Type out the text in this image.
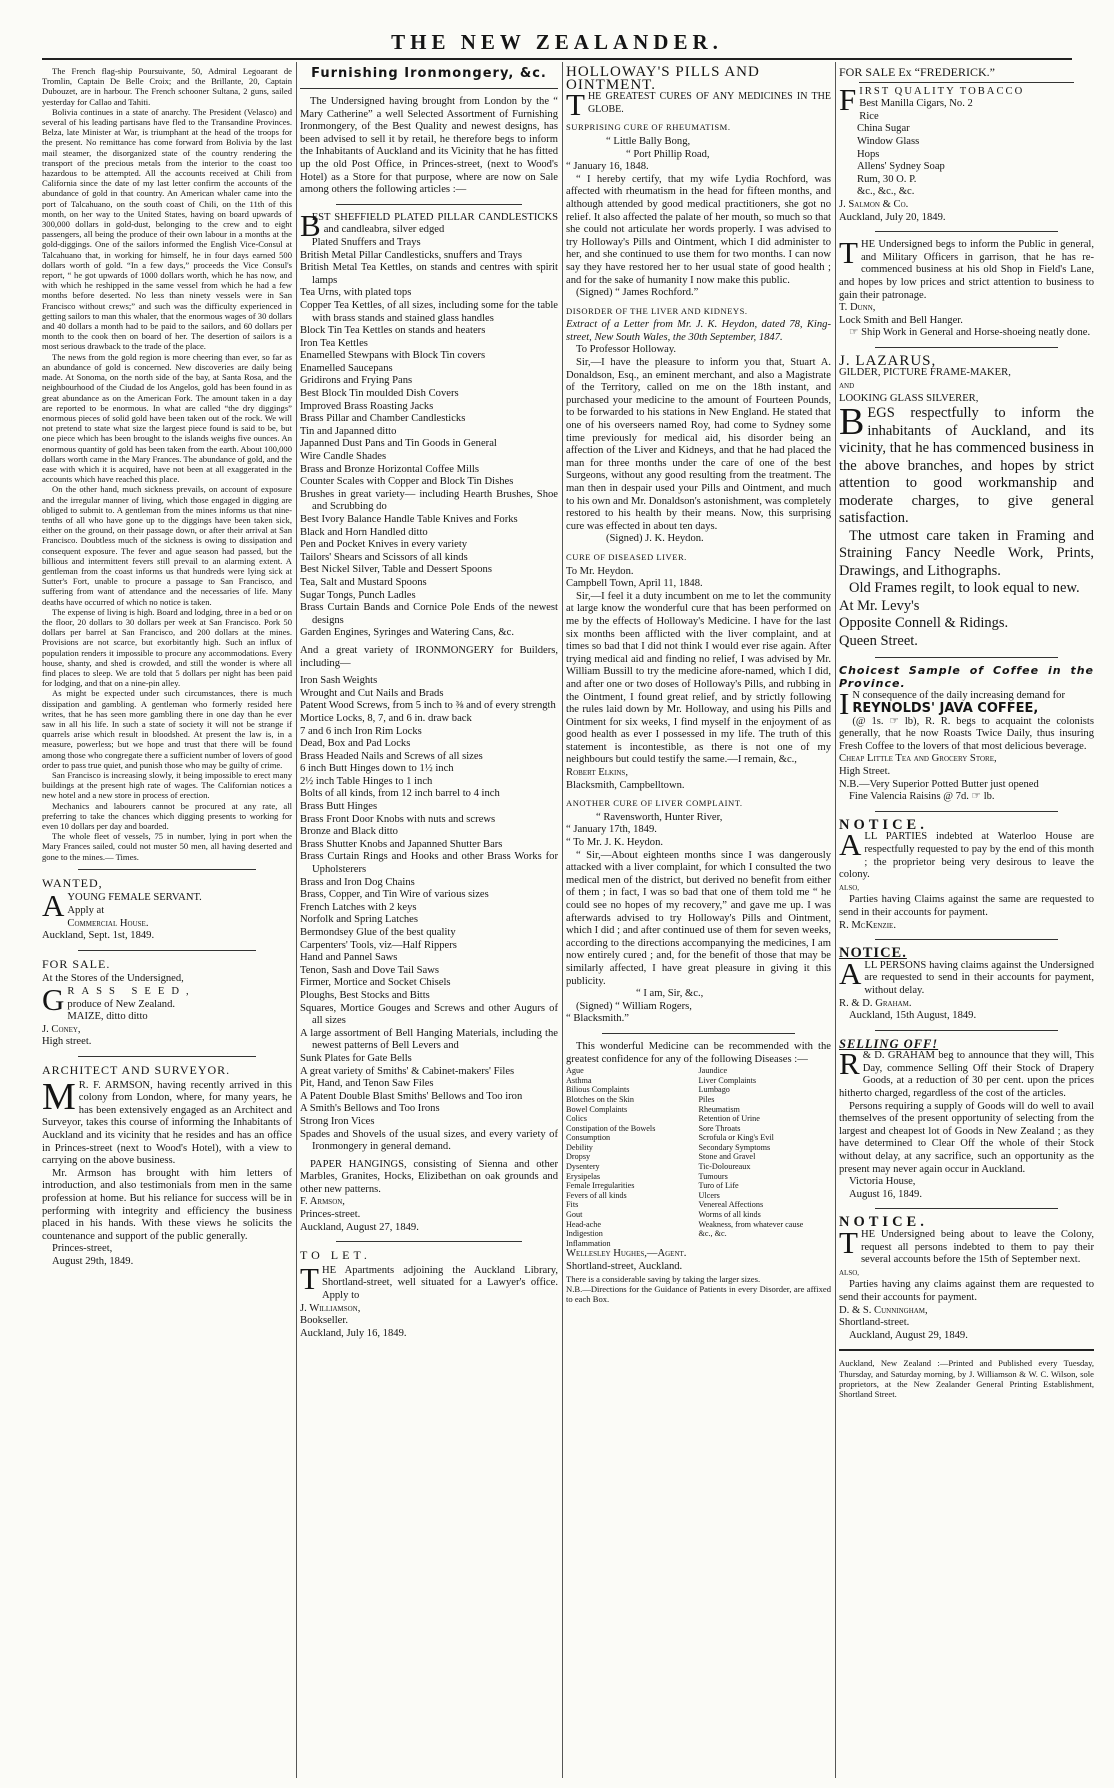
THE NEW ZEALANDER.

The French flag-ship Poursuivante, 50, Admiral Legoarant de Tromlin, Captain De Belle Croix; and the Brillante, 20, Captain Dubouzet, are in harbour. The French schooner Sultana, 2 guns, sailed yesterday for Callao and Tahiti.

Bolivia continues in a state of anarchy. The President (Velasco) and several of his leading partisans have fled to the Transandine Provinces. Belza, late Minister at War, is triumphant at the head of the troops for the present. No remittance has come forward from Bolivia by the last mail steamer, the disorganized state of the country rendering the transport of the precious metals from the interior to the coast too hazardous to be attempted. All the accounts received at Chili from California since the date of my last letter confirm the accounts of the abundance of gold in that country. An American whaler came into the port of Talcahuano, on the south coast of Chili, on the 11th of this month, on her way to the United States, having on board upwards of 300,000 dollars in gold-dust, belonging to the crew and to eight passengers, all being the produce of their own labour in a months at the gold-diggings. One of the sailors informed the English Vice-Consul at Talcahuano that, in working for himself, he in four days earned 500 dollars worth of gold. “In a few days,” proceeds the Vice Consul's report, “ he got upwards of 1000 dollars worth, which he has now, and with which he reshipped in the same vessel from which he had a few months before deserted. No less than ninety vessels were in San Francisco without crews;” and such was the difficulty experienced in getting sailors to man this whaler, that the enormous wages of 30 dollars and 40 dollars a month had to be paid to the sailors, and 60 dollars per month to the cook then on board of her. The desertion of sailors is a most serious drawback to the trade of the place.

The news from the gold region is more cheering than ever, so far as an abundance of gold is concerned. New discoveries are daily being made. At Sonoma, on the north side of the bay, at Santa Rosa, and the neighbourhood of the Ciudad de los Angelos, gold has been found in as great abundance as on the American Fork. The amount taken in a day are reported to be enormous. In what are called “the dry diggings” enormous pieces of solid gold have been taken out of the rock. We will not pretend to state what size the largest piece found is said to be, but one piece which has been brought to the islands weighs five ounces. An enormous quantity of gold has been taken from the earth. About 100,000 dollars worth came in the Mary Frances. The abundance of gold, and the ease with which it is acquired, have not been at all exaggerated in the accounts which have reached this place.

On the other hand, much sickness prevails, on account of exposure and the irregular manner of living, which those engaged in digging are obliged to submit to. A gentleman from the mines informs us that nine-tenths of all who have gone up to the diggings have been taken sick, either on the ground, on their passage down, or after their arrival at San Francisco. Doubtless much of the sickness is owing to dissipation and consequent exposure. The fever and ague season had passed, but the billious and intermittent fevers still prevail to an alarming extent. A gentleman from the coast informs us that hundreds were lying sick at Sutter's Fort, unable to procure a passage to San Francisco, and suffering from want of attendance and the necessaries of life. Many deaths have occurred of which no notice is taken.

The expense of living is high. Board and lodging, three in a bed or on the floor, 20 dollars to 30 dollars per week at San Francisco. Pork 50 dollars per barrel at San Francisco, and 200 dollars at the mines. Provisions are not scarce, but exorbitantly high. Such an influx of population renders it impossible to procure any accommodations. Every house, shanty, and shed is crowded, and still the wonder is where all find places to sleep. We are told that 5 dollars per night has been paid for lodging, and that on a nine-pin alley.

As might be expected under such circumstances, there is much dissipation and gambling. A gentleman who formerly resided here writes, that he has seen more gambling there in one day than he ever saw in all his life. In such a state of society it will not be strange if quarrels arise which result in bloodshed. At present the law is, in a measure, powerless; but we hope and trust that there will be found among those who congregate there a sufficient number of lovers of good order to pass true quiet, and punish those who may be guilty of crime.

San Francisco is increasing slowly, it being impossible to erect many buildings at the present high rate of wages. The Californian notices a new hotel and a new store in process of erection.

Mechanics and labourers cannot be procured at any rate, all preferring to take the chances which digging presents to working for even 10 dollars per day and boarded.

The whole fleet of vessels, 75 in number, lying in port when the Mary Frances sailed, could not muster 50 men, all having deserted and gone to the mines.— Times.

WANTED,

AYOUNG FEMALE SERVANT.

Apply at

Commercial House.

Auckland, Sept. 1st, 1849.

FOR SALE.

At the Stores of the Undersigned,

GRASS SEED,

produce of New Zealand.

MAIZE, ditto ditto

J. Coney,

High street.

ARCHITECT AND SURVEYOR.

M R. F. ARMSON, having recently arrived in this colony from London, where, for many years, he has been extensively engaged as an Architect and Surveyor, takes this course of informing the Inhabitants of Auckland and its vicinity that he resides and has an office in Princes-street (next to Wood's Hotel), with a view to carrying on the above business.

Mr. Armson has brought with him letters of introduction, and also testimonials from men in the same profession at home. But his reliance for success will be in performing with integrity and efficiency the business placed in his hands. With these views he solicits the countenance and support of the public generally.

Princes-street,

August 29th, 1849.

Furnishing Ironmongery, &c.

The Undersigned having brought from London by the “ Mary Catherine” a well Selected Assortment of Furnishing Ironmongery, of the Best Quality and newest designs, has been advised to sell it by retail, he therefore begs to inform the Inhabitants of Auckland and its Vicinity that he has fitted up the old Post Office, in Princes-street, (next to Wood's Hotel) as a Store for that purpose, where are now on Sale among others the following articles :—

B

EST SHEFFIELD PLATED PILLAR CANDLESTICKS and candleabra, silver edged

Plated Snuffers and Trays

British Metal Pillar Candlesticks, snuffers and Trays

British Metal Tea Kettles, on stands and centres with spirit lamps

Tea Urns, with plated tops

Copper Tea Kettles, of all sizes, including some for the table with brass stands and stained glass handles

Block Tin Tea Kettles on stands and heaters

Iron Tea Kettles

Enamelled Stewpans with Block Tin covers

Enamelled Saucepans

Gridirons and Frying Pans

Best Block Tin moulded Dish Covers

Improved Brass Roasting Jacks

Brass Pillar and Chamber Candlesticks

Tin and Japanned ditto

Japanned Dust Pans and Tin Goods in General

Wire Candle Shades

Brass and Bronze Horizontal Coffee Mills

Counter Scales with Copper and Block Tin Dishes

Brushes in great variety— including Hearth Brushes, Shoe and Scrubbing do

Best Ivory Balance Handle Table Knives and Forks

Black and Horn Handled ditto

Pen and Pocket Knives in every variety

Tailors' Shears and Scissors of all kinds

Best Nickel Silver, Table and Dessert Spoons

Tea, Salt and Mustard Spoons

Sugar Tongs, Punch Ladles

Brass Curtain Bands and Cornice Pole Ends of the newest designs

Garden Engines, Syringes and Watering Cans, &c.

And a great variety of IRONMONGERY for Builders, including—

Iron Sash Weights

Wrought and Cut Nails and Brads

Patent Wood Screws, from 5 inch to ⅜ and of every strength

Mortice Locks, 8, 7, and 6 in. draw back

7 and 6 inch Iron Rim Locks

Dead, Box and Pad Locks

Brass Headed Nails and Screws of all sizes

6 inch Butt Hinges down to 1½ inch

2½ inch Table Hinges to 1 inch

Bolts of all kinds, from 12 inch barrel to 4 inch

Brass Butt Hinges

Brass Front Door Knobs with nuts and screws

Bronze and Black ditto

Brass Shutter Knobs and Japanned Shutter Bars

Brass Curtain Rings and Hooks and other Brass Works for Upholsterers

Brass and Iron Dog Chains

Brass, Copper, and Tin Wire of various sizes

French Latches with 2 keys

Norfolk and Spring Latches

Bermondsey Glue of the best quality

Carpenters' Tools, viz—Half Rippers

Hand and Pannel Saws

Tenon, Sash and Dove Tail Saws

Firmer, Mortice and Socket Chisels

Ploughs, Best Stocks and Bitts

Squares, Mortice Gouges and Screws and other Augurs of all sizes

A large assortment of Bell Hanging Materials, including the newest patterns of Bell Levers and

Sunk Plates for Gate Bells

A great variety of Smiths' & Cabinet-makers' Files

Pit, Hand, and Tenon Saw Files

A Patent Double Blast Smiths' Bellows and Too iron

A Smith's Bellows and Too Irons

Strong Iron Vices

Spades and Shovels of the usual sizes, and every variety of Ironmongery in general demand.

PAPER HANGINGS, consisting of Sienna and other Marbles, Granites, Hocks, Elizibethan on oak grounds and other new patterns.

F. Armson,

Princes-street.

Auckland, August 27, 1849.

TO LET.

THE Apartments adjoining the Auckland Library, Shortland-street, well situated for a Lawyer's office. Apply to

J. Williamson,

Bookseller.

Auckland, July 16, 1849.

HOLLOWAY'S PILLS AND

OINTMENT.

THE GREATEST CURES OF ANY MEDICINES IN THE GLOBE.

SURPRISING CURE OF RHEUMATISM.

“ Little Bally Bong,

“ Port Phillip Road,

“ January 16, 1848.

“ I hereby certify, that my wife Lydia Rochford, was affected with rheumatism in the head for fifteen months, and although attended by good medical practitioners, she got no relief. It also affected the palate of her mouth, so much so that she could not articulate her words properly. I was advised to try Holloway's Pills and Ointment, which I did administer to her, and she continued to use them for two months. I can now say they have restored her to her usual state of good health ; and for the sake of humanity I now make this public.

(Signed) “ James Rochford.”

DISORDER OF THE LIVER AND KIDNEYS.

Extract of a Letter from Mr. J. K. Heydon, dated 78, King-street, New South Wales, the 30th September, 1847.

To Professor Holloway.

Sir,—I have the pleasure to inform you that, Stuart A. Donaldson, Esq., an eminent merchant, and also a Magistrate of the Territory, called on me on the 18th instant, and purchased your medicine to the amount of Fourteen Pounds, to be forwarded to his stations in New England. He stated that one of his overseers named Roy, had come to Sydney some time previously for medical aid, his disorder being an affection of the Liver and Kidneys, and that he had placed the man for three months under the care of one of the best Surgeons, without any good resulting from the treatment. The man then in despair used your Pills and Ointment, and much to his own and Mr. Donaldson's astonishment, was completely restored to his health by their means. Now, this surprising cure was effected in about ten days.

(Signed) J. K. Heydon.

CURE OF DISEASED LIVER.

To Mr. Heydon.

Campbell Town, April 11, 1848.

Sir,—I feel it a duty incumbent on me to let the community at large know the wonderful cure that has been performed on me by the effects of Holloway's Medicine. I have for the last six months been afflicted with the liver complaint, and at times so bad that I did not think I would ever rise again. After trying medical aid and finding no relief, I was advised by Mr. William Bussill to try the medicine afore-named, which I did, and after one or two doses of Holloway's Pills, and rubbing in the Ointment, I found great relief, and by strictly following the rules laid down by Mr. Holloway, and using his Pills and Ointment for six weeks, I find myself in the enjoyment of as good health as ever I possessed in my life. The truth of this statement is incontestible, as there is not one of my neighbours but could testify the same.—I remain, &c.,

Robert Elkins,

Blacksmith, Campbelltown.

ANOTHER CURE OF LIVER COMPLAINT.

“ Ravensworth, Hunter River,

“ January 17th, 1849.

“ To Mr. J. K. Heydon.

“ Sir,—About eighteen months since I was dangerously attacked with a liver complaint, for which I consulted the two medical men of the district, but derived no benefit from either of them ; in fact, I was so bad that one of them told me “ he could see no hopes of my recovery,” and gave me up. I was afterwards advised to try Holloway's Pills and Ointment, which I did ; and after continued use of them for seven weeks, according to the directions accompanying the medicines, I am now entirely cured ; and, for the benefit of those that may be similarly affected, I have great pleasure in giving it this publicity.

“ I am, Sir, &c.,

(Signed) “ William Rogers,

“ Blacksmith.”

This wonderful Medicine can be recommended with the greatest confidence for any of the following Diseases :—

Ague

Asthma

Bilious Complaints

Blotches on the Skin

Bowel Complaints

Colics

Constipation of the Bowels

Consumption

Debility

Dropsy

Dysentery

Erysipelas

Female Irregularities

Fevers of all kinds

Fits

Gout

Head-ache

Indigestion

Inflammation

Jaundice

Liver Complaints

Lumbago

Piles

Rheumatism

Retention of Urine

Sore Throats

Scrofula or King's Evil

Secondary Symptoms

Stone and Gravel

Tic-Doloureaux

Tumours

Turo of Life

Ulcers

Venereal Affections

Worms of all kinds

Weakness, from whatever cause

&c., &c.

Wellesley Hughes,—Agent.

Shortland-street, Auckland.

There is a considerable saving by taking the larger sizes.

N.B.—Directions for the Guidance of Patients in every Disorder, are affixed to each Box.

FOR SALE Ex “FREDERICK.”

FIRST QUALITY TOBACCO

Best Manilla Cigars, No. 2

Rice

China Sugar

Window Glass

Hops

Allens' Sydney Soap

Rum, 30 O. P.

&c., &c., &c.

J. Salmon & Co.

Auckland, July 20, 1849.

THE Undersigned begs to inform the Public in general, and Military Officers in garrison, that he has re-commenced business at his old Shop in Field's Lane, and hopes by low prices and strict attention to business to gain their patronage.

T. Dunn,

Lock Smith and Bell Hanger.

☞ Ship Work in General and Horse-shoeing neatly done.

J. LAZARUS,

GILDER, PICTURE FRAME-MAKER,

AND

LOOKING GLASS SILVERER,

BEGS respectfully to inform the inhabitants of Auckland, and its vicinity, that he has commenced business in the above branches, and hopes by strict attention to good workmanship and moderate charges, to give general satisfaction.

The utmost care taken in Framing and Straining Fancy Needle Work, Prints, Drawings, and Lithographs.

Old Frames regilt, to look equal to new.

At Mr. Levy's

Opposite Connell & Ridings.

Queen Street.

Choicest Sample of Coffee in the Province.

I N consequence of the daily increasing demand for

REYNOLDS' JAVA COFFEE,

(@ 1s. ☞ lb), R. R. begs to acquaint the colonists generally, that he now Roasts Twice Daily, thus insuring Fresh Coffee to the lovers of that most delicious beverage.

Cheap Little Tea and Grocery Store,

High Street.

N.B.—Very Superior Potted Butter just opened

Fine Valencia Raisins @ 7d. ☞ lb.

NOTICE.

ALL PARTIES indebted at Waterloo House are respectfully requested to pay by the end of this month ; the proprietor being very desirous to leave the colony.

ALSO,

Parties having Claims against the same are requested to send in their accounts for payment.

R. McKenzie.

NOTICE.

ALL PERSONS having claims against the Undersigned are requested to send in their accounts for payment, without delay.

R. & D. Graham.

Auckland, 15th August, 1849.

SELLING OFF!

R & D. GRAHAM beg to announce that they will, This Day, commence Selling Off their Stock of Drapery Goods, at a reduction of 30 per cent. upon the prices hitherto charged, regardless of the cost of the articles.

Persons requiring a supply of Goods will do well to avail themselves of the present opportunity of selecting from the largest and cheapest lot of Goods in New Zealand ; as they have determined to Clear Off the whole of their Stock without delay, at any sacrifice, such an opportunity as the present may never again occur in Auckland.

Victoria House,

August 16, 1849.

NOTICE.

THE Undersigned being about to leave the Colony, request all persons indebted to them to pay their several accounts before the 15th of September next.

ALSO,

Parties having any claims against them are requested to send their accounts for payment.

D. & S. Cunningham,

Shortland-street.

Auckland, August 29, 1849.

Auckland, New Zealand :—Printed and Published every Tuesday, Thursday, and Saturday morning, by J. Williamson & W. C. Wilson, sole proprietors, at the New Zealander General Printing Establishment, Shortland Street.
